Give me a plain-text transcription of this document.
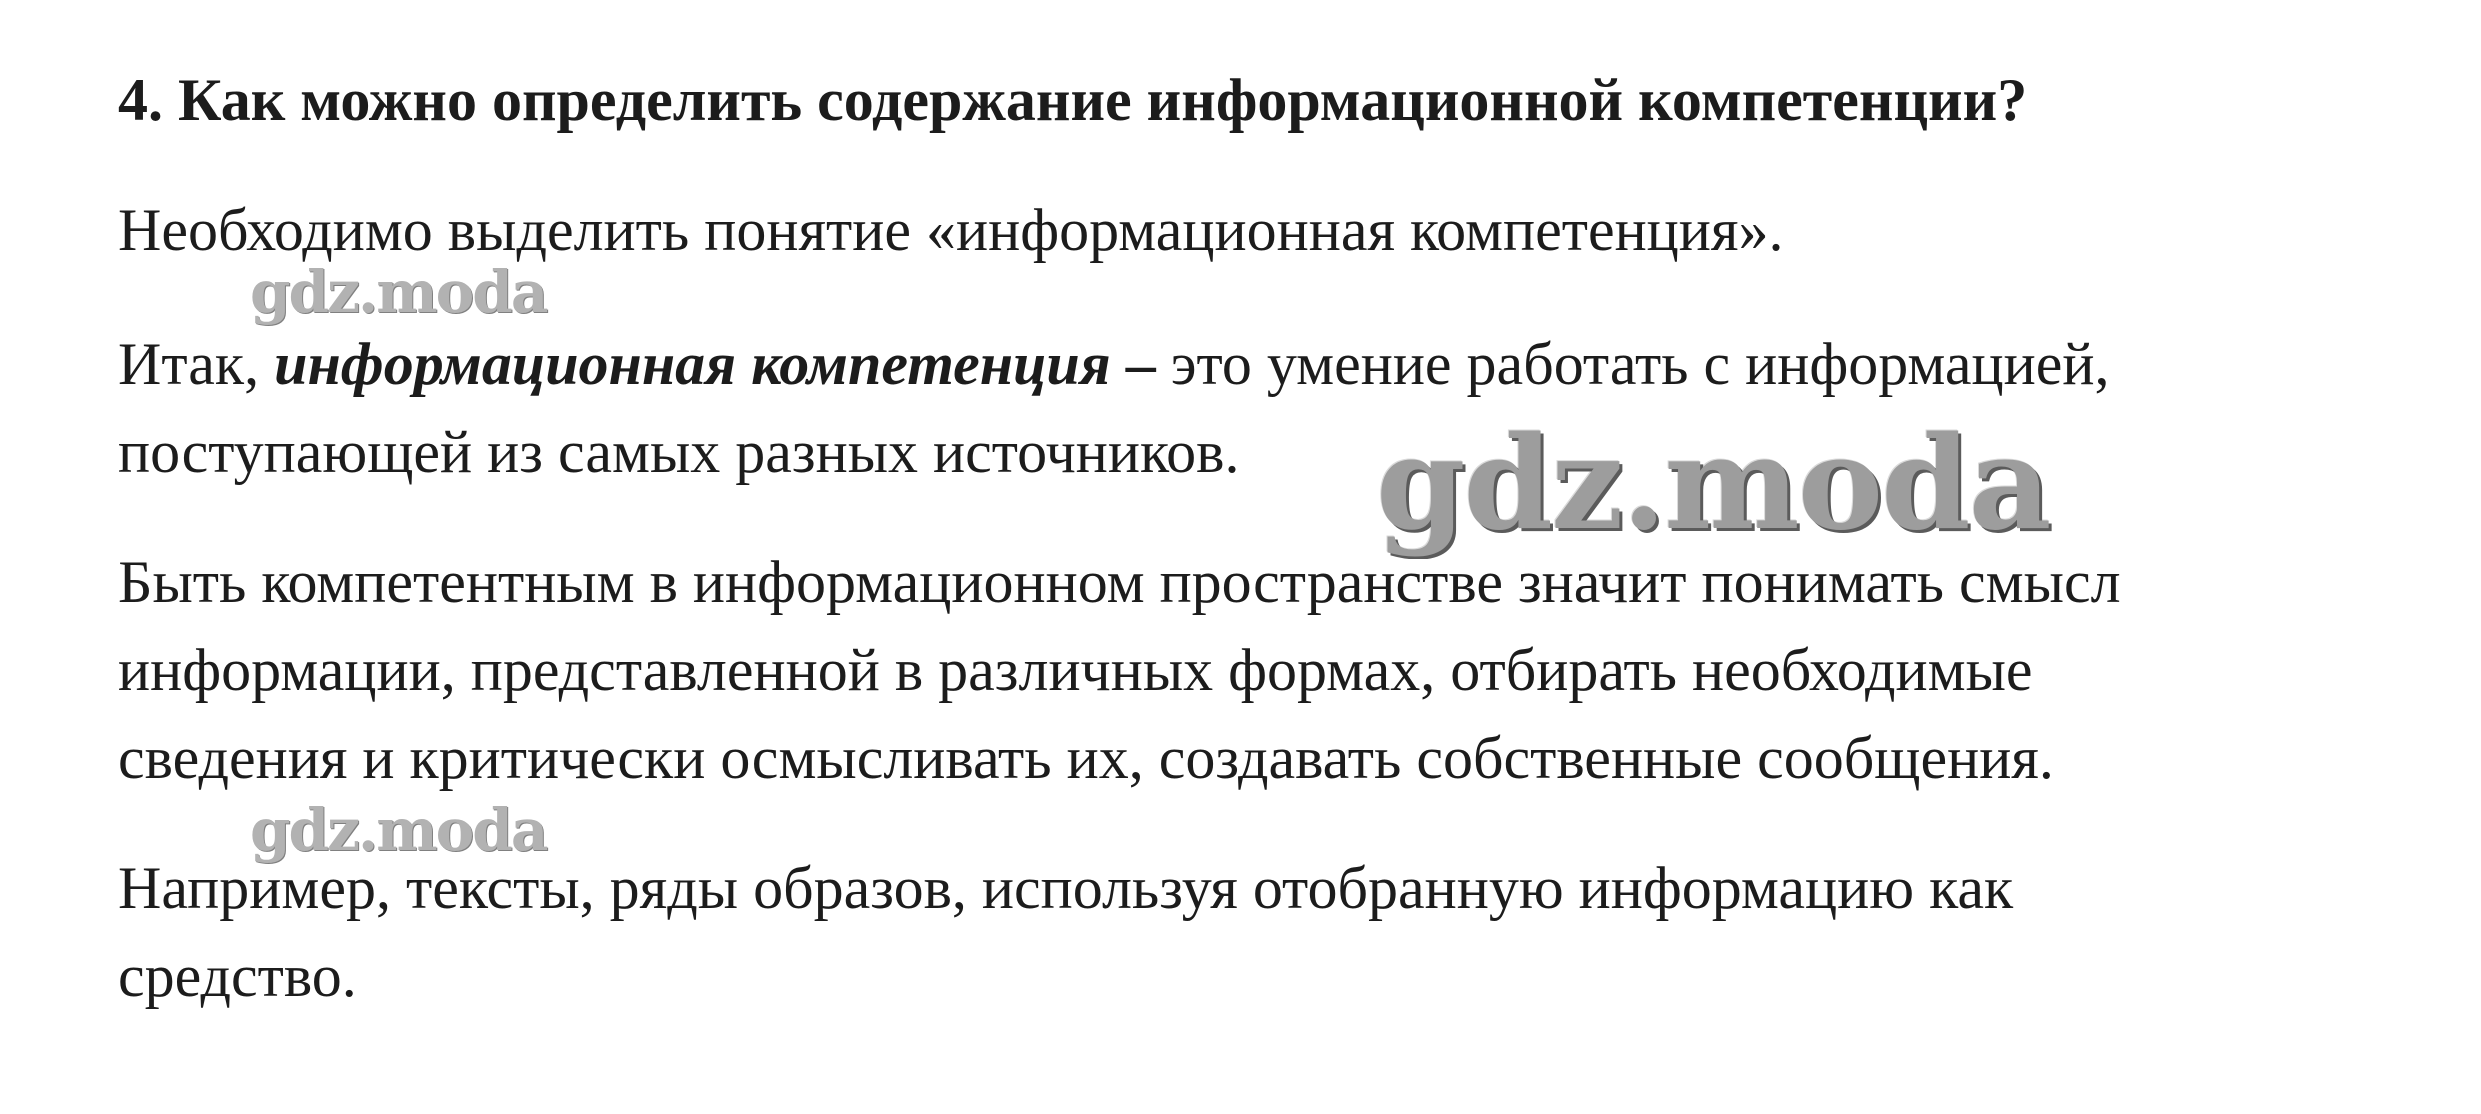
4. Как можно определить содержание информационной компетенции?
Необходимо выделить понятие «информационная компетенция».
Итак, информационная компетенция – это умение работать с информацией,
поступающей из самых разных источников.
Быть компетентным в информационном пространстве значит понимать смысл
информации, представленной в различных формах, отбирать необходимые
сведения и критически осмысливать их, создавать собственные сообщения.
Например, тексты, ряды образов, используя отобранную информацию как
средство.
gdz.moda
gdz.moda
gdz.moda
